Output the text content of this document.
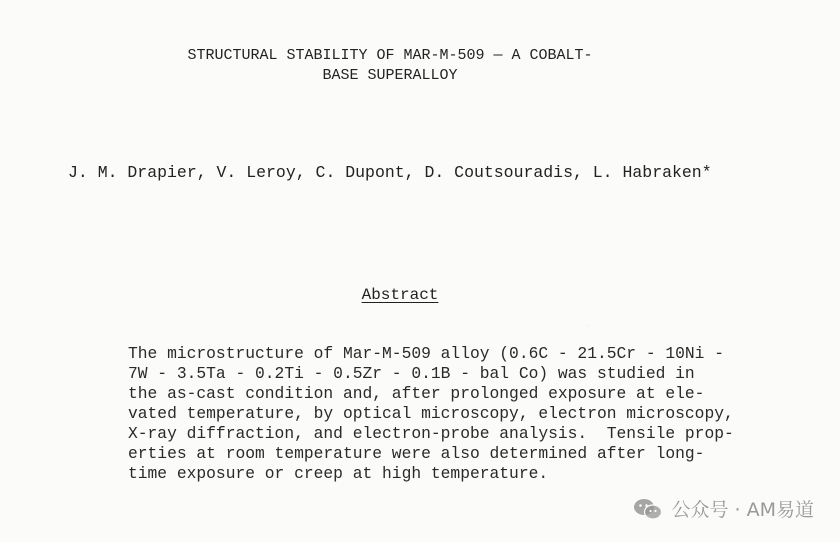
STRUCTURAL STABILITY OF MAR-M-509 — A COBALT-
BASE SUPERALLOY
J. M. Drapier, V. Leroy, C. Dupont, D. Coutsouradis, L. Habraken*
Abstract
The microstructure of Mar-M-509 alloy (0.6C - 21.5Cr - 10Ni -
7W - 3.5Ta - 0.2Ti - 0.5Zr - 0.1B - bal Co) was studied in
the as-cast condition and, after prolonged exposure at ele-
vated temperature, by optical microscopy, electron microscopy,
X-ray diffraction, and electron-probe analysis.  Tensile prop-
erties at room temperature were also determined after long-
time exposure or creep at high temperature.
公众号 · AM易道
